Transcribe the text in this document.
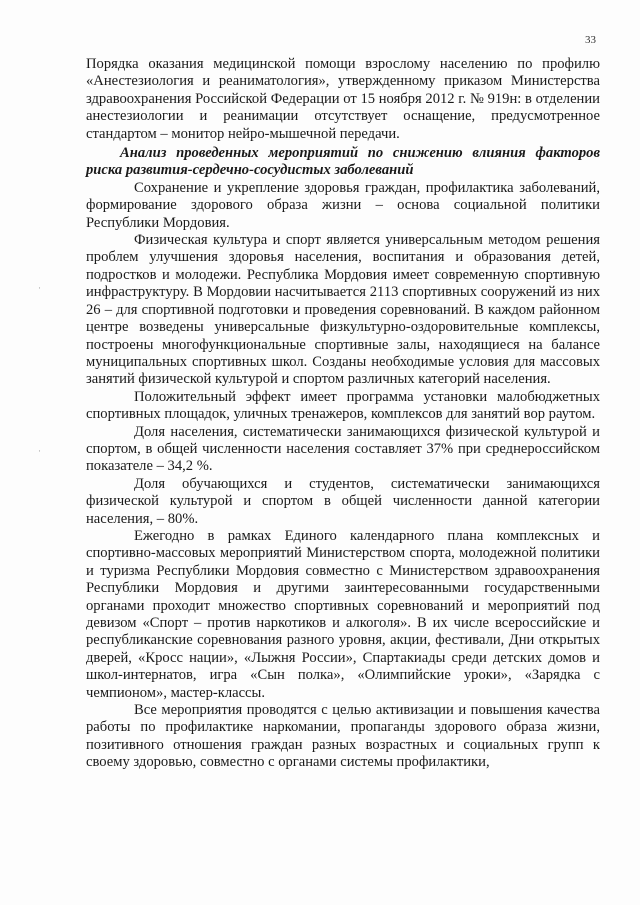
33
·
·

Порядка оказания медицинской помощи взрослому населению по профилю «Анестезиология и реаниматология», утвержденному приказом Министерства здравоохранения Российской Федерации от 15 ноября 2012 г. № 919н: в отделении анестезиологии и реанимации отсутствует оснащение, предусмотренное стандартом – монитор нейро-мышечной передачи.

Анализ проведенных мероприятий по снижению влияния факторов риска развития-сердечно-сосудистых заболеваний

Сохранение и укрепление здоровья граждан, профилактика заболеваний, формирование здорового образа жизни – основа социальной политики Республики Мордовия.

Физическая культура и спорт является универсальным методом решения проблем улучшения здоровья населения, воспитания и образования детей, подростков и молодежи. Республика Мордовия имеет современную спортивную инфраструктуру. В Мордовии насчитывается 2113 спортивных сооружений из них 26 – для спортивной подготовки и проведения соревнований. В каждом районном центре возведены универсальные физкультурно-оздоровительные комплексы, построены многофункциональные спортивные залы, находящиеся на балансе муниципальных спортивных школ. Созданы необходимые условия для массовых занятий физической культурой и спортом различных категорий населения.

Положительный эффект имеет программа установки малобюджетных спортивных площадок, уличных тренажеров, комплексов для занятий вор раутом.

Доля населения, систематически занимающихся физической культурой и спортом, в общей численности населения составляет 37% при среднероссийском показателе – 34,2 %.

Доля обучающихся и студентов, систематически занимающихся физической культурой и спортом в общей численности данной категории населения, – 80%.

Ежегодно в рамках Единого календарного плана комплексных и спортивно-массовых мероприятий Министерством спорта, молодежной политики и туризма Республики Мордовия совместно с Министерством здравоохранения Республики Мордовия и другими заинтересованными государственными органами проходит множество спортивных соревнований и мероприятий под девизом «Спорт – против наркотиков и алкоголя». В их числе всероссийские и республиканские соревнования разного уровня, акции, фестивали, Дни открытых дверей, «Кросс нации», «Лыжня России», Спартакиады среди детских домов и школ-интернатов, игра «Сын полка», «Олимпийские уроки», «Зарядка с чемпионом», мастер-классы.

Все мероприятия проводятся с целью активизации и повышения качества работы по профилактике наркомании, пропаганды здорового образа жизни, позитивного отношения граждан разных возрастных и социальных групп к своему здоровью, совместно с органами системы профилактики,
